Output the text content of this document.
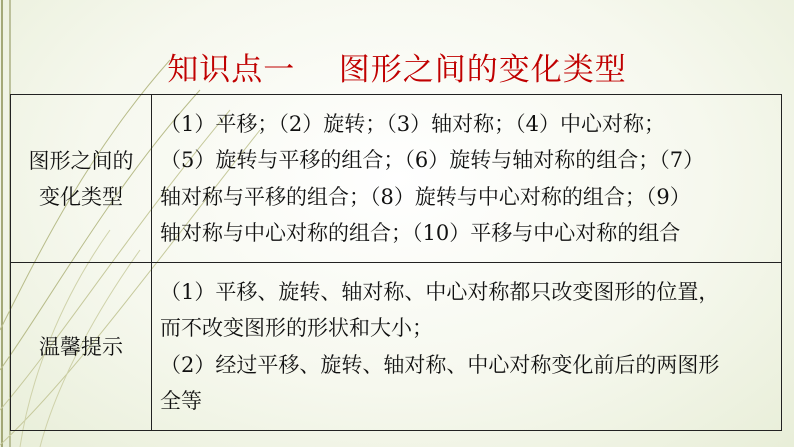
知识点一    图形之间的变化类型
图形之间的
变化类型	（1）平移；（2）旋转；（3）轴对称；（4）中心对称；
（5）旋转与平移的组合；（6）旋转与轴对称的组合；（7）
轴对称与平移的组合；（8）旋转与中心对称的组合；（9）
轴对称与中心对称的组合；（10）平移与中心对称的组合

温馨提示	（1）平移、旋转、轴对称、中心对称都只改变图形的位置，
而不改变图形的形状和大小；
（2）经过平移、旋转、轴对称、中心对称变化前后的两图形
全等
